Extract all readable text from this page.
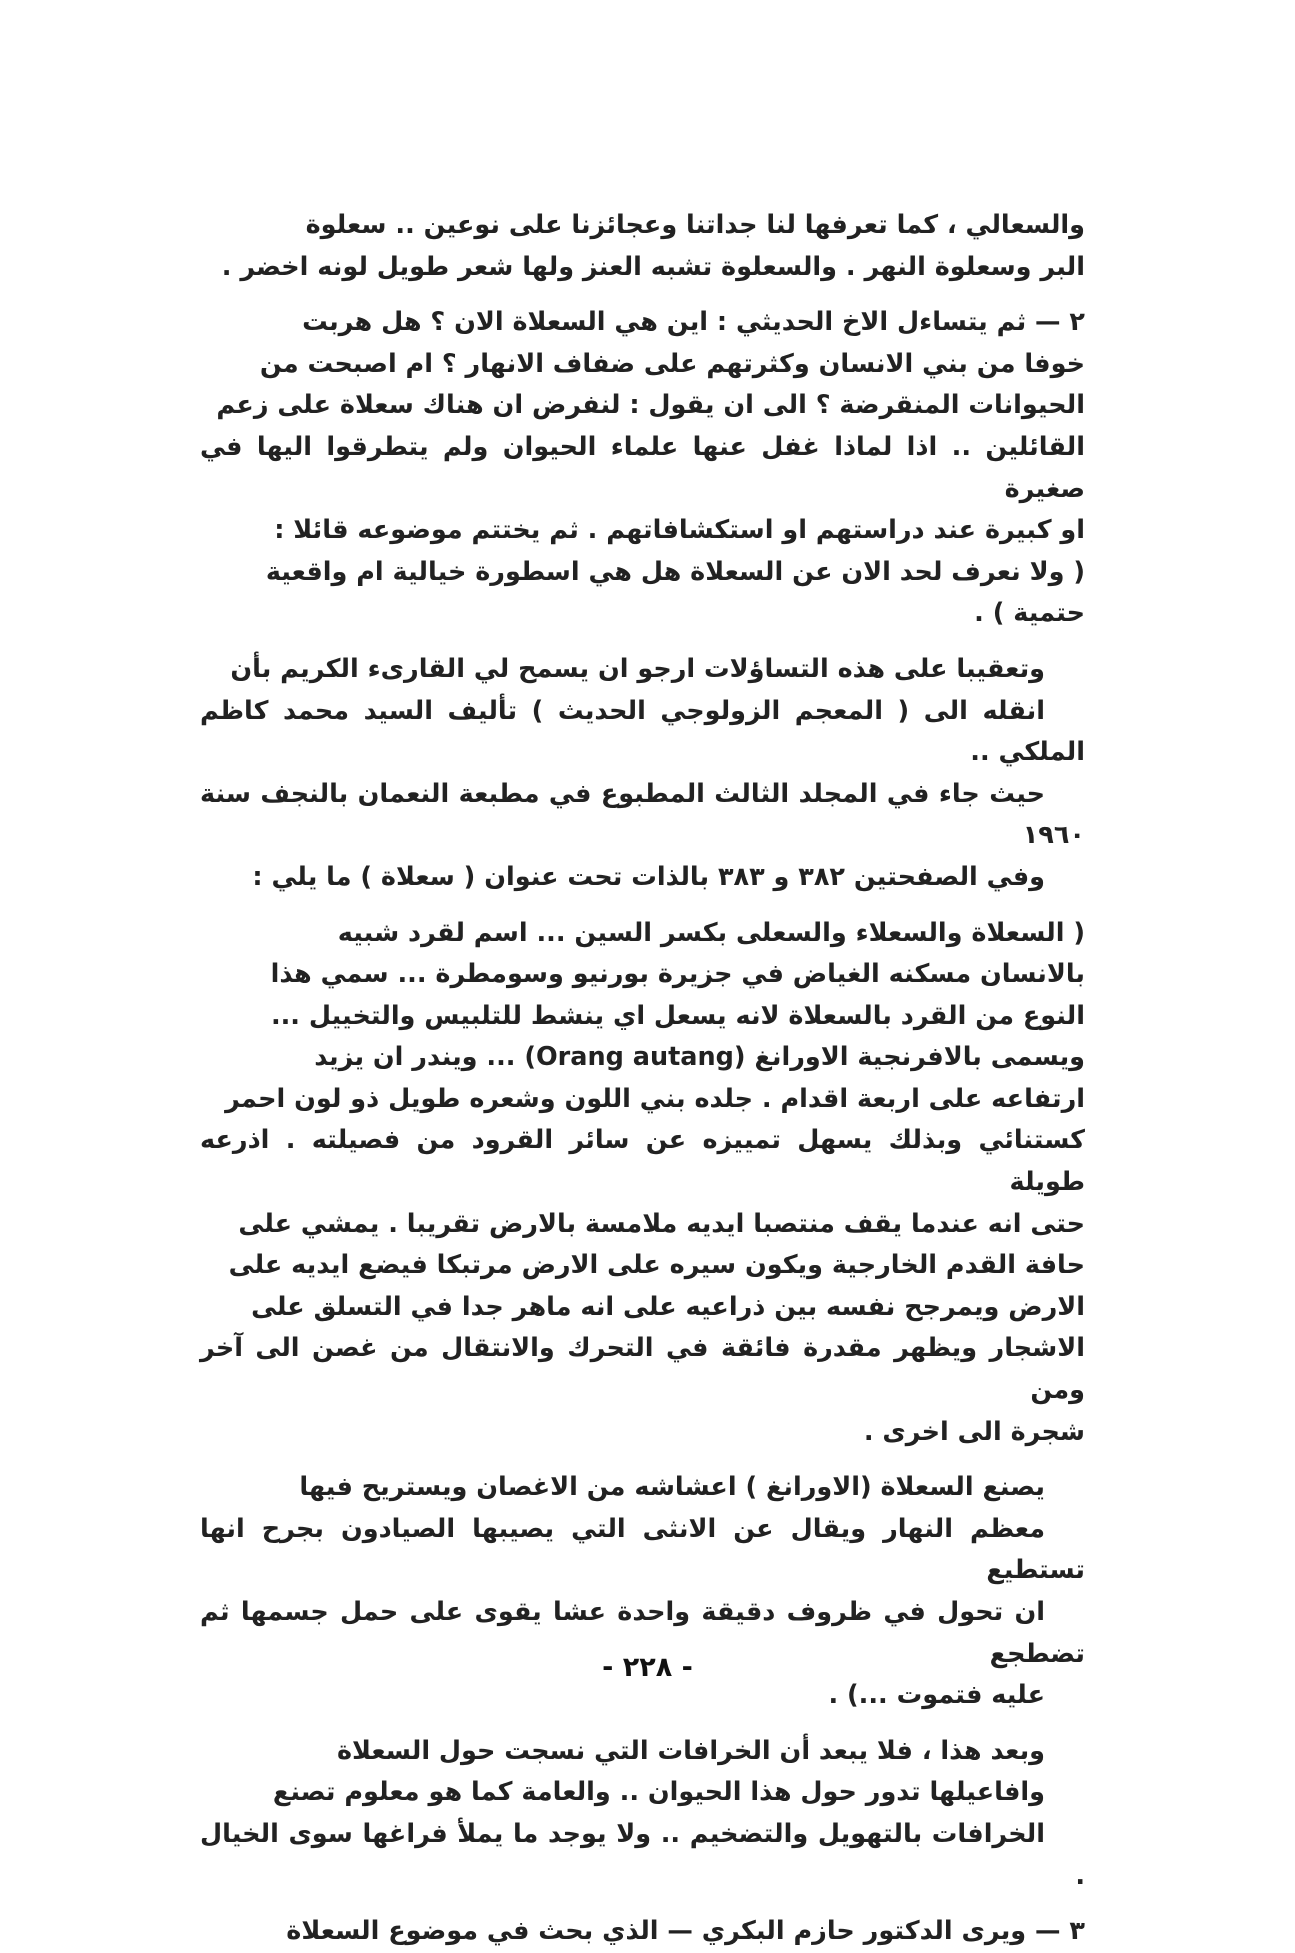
والسعالي ، كما تعرفها لنا جداتنا وعجائزنا على نوعين .. سعلوة
البر وسعلوة النهر . والسعلوة تشبه العنز ولها شعر طويل لونه اخضر .

٢ — ثم يتساءل الاخ الحديثي : اين هي السعلاة الان ؟ هل هربت
خوفا من بني الانسان وكثرتهم على ضفاف الانهار ؟ ام اصبحت من
الحيوانات المنقرضة ؟ الى ان يقول : لنفرض ان هناك سعلاة على زعم
القائلين .. اذا لماذا غفل عنها علماء الحيوان ولم يتطرقوا اليها في صغيرة
او كبيرة عند دراستهم او استكشافاتهم . ثم يختتم موضوعه قائلا :
( ولا نعرف لحد الان عن السعلاة هل هي اسطورة خيالية ام واقعية
حتمية ) .

وتعقيبا على هذه التساؤلات ارجو ان يسمح لي القارىء الكريم بأن
انقله الى ( المعجم الزولوجي الحديث ) تأليف السيد محمد كاظم الملكي ..
حيث جاء في المجلد الثالث المطبوع في مطبعة النعمان بالنجف سنة ١٩٦٠
وفي الصفحتين ٣٨٢ و ٣٨٣ بالذات تحت عنوان ( سعلاة ) ما يلي :

( السعلاة والسعلاء والسعلى بكسر السين ... اسم لقرد شبيه
بالانسان مسكنه الغياض في جزيرة بورنيو وسومطرة ... سمي هذا
النوع من القرد بالسعلاة لانه يسعل اي ينشط للتلبيس والتخييل ...
ويسمى بالافرنجية الاورانغ (Orang autang) ... ويندر ان يزيد
ارتفاعه على اربعة اقدام . جلده بني اللون وشعره طويل ذو لون احمر
كستنائي وبذلك يسهل تمييزه عن سائر القرود من فصيلته . اذرعه طويلة
حتى انه عندما يقف منتصبا ايديه ملامسة بالارض تقريبا . يمشي على
حافة القدم الخارجية ويكون سيره على الارض مرتبكا فيضع ايديه على
الارض ويمرجح نفسه بين ذراعيه على انه ماهر جدا في التسلق على
الاشجار ويظهر مقدرة فائقة في التحرك والانتقال من غصن الى آخر ومن
شجرة الى اخرى .

يصنع السعلاة (الاورانغ ) اعشاشه من الاغصان ويستريح فيها
معظم النهار ويقال عن الانثى التي يصيبها الصيادون بجرح انها تستطيع
ان تحول في ظروف دقيقة واحدة عشا يقوى على حمل جسمها ثم تضطجع
عليه فتموت ...) .

وبعد هذا ، فلا يبعد أن الخرافات التي نسجت حول السعلاة
وافاعيلها تدور حول هذا الحيوان .. والعامة كما هو معلوم تصنع
الخرافات بالتهويل والتضخيم .. ولا يوجد ما يملأ فراغها سوى الخيال .

٣ — ويرى الدكتور حازم البكري — الذي بحث في موضوع السعلاة

- ٢٢٨ -
